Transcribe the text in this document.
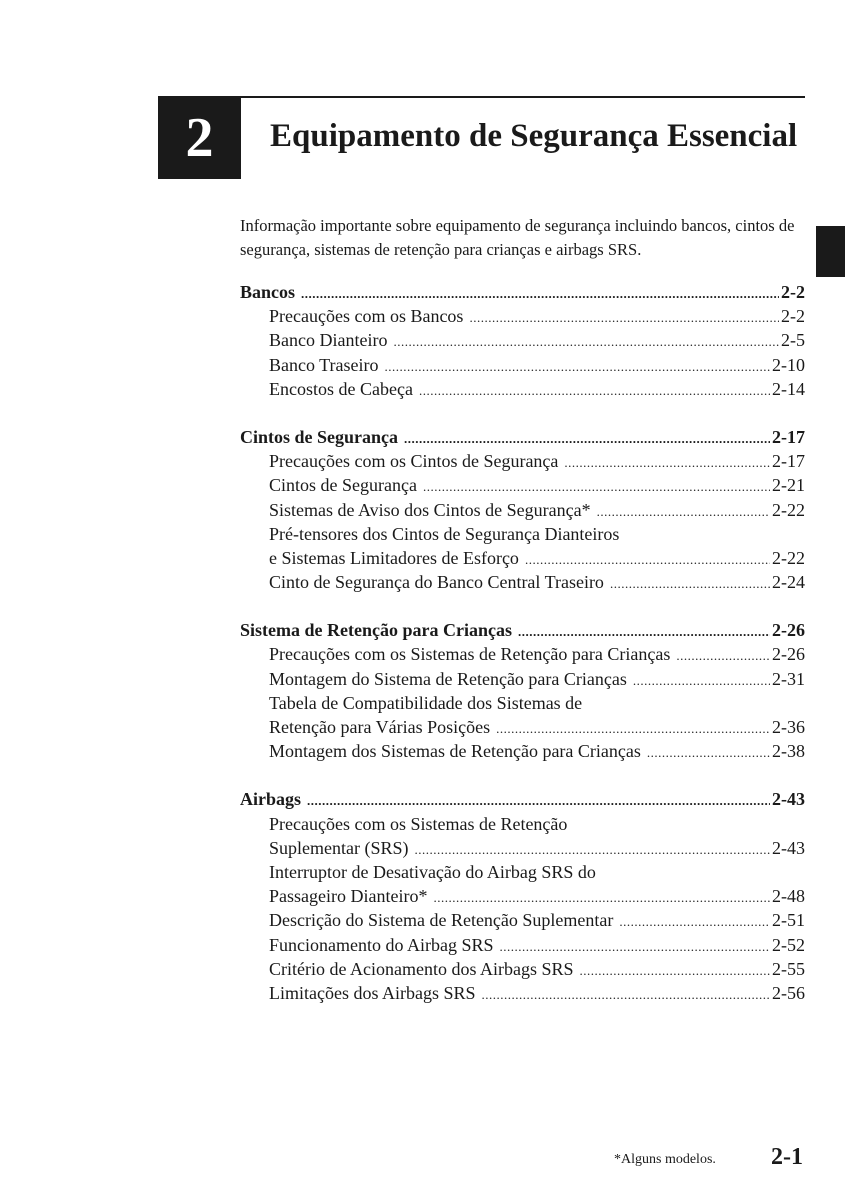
2 Equipamento de Segurança Essencial
Informação importante sobre equipamento de segurança incluindo bancos, cintos de segurança, sistemas de retenção para crianças e airbags SRS.
Bancos .....	2-2
Precauções com os Bancos .....	2-2
Banco Dianteiro .....	2-5
Banco Traseiro .....	2-10
Encostos de Cabeça .....	2-14
Cintos de Segurança .....	2-17
Precauções com os Cintos de Segurança .....	2-17
Cintos de Segurança .....	2-21
Sistemas de Aviso dos Cintos de Segurança* .....	2-22
Pré-tensores dos Cintos de Segurança Dianteiros
e Sistemas Limitadores de Esforço .....	2-22
Cinto de Segurança do Banco Central Traseiro .....	2-24
Sistema de Retenção para Crianças .....	2-26
Precauções com os Sistemas de Retenção para Crianças .....	2-26
Montagem do Sistema de Retenção para Crianças .....	2-31
Tabela de Compatibilidade dos Sistemas de
Retenção para Várias Posições .....	2-36
Montagem dos Sistemas de Retenção para Crianças .....	2-38
Airbags .....	2-43
Precauções com os Sistemas de Retenção
Suplementar (SRS) .....	2-43
Interruptor de Desativação do Airbag SRS do
Passageiro Dianteiro* .....	2-48
Descrição do Sistema de Retenção Suplementar .....	2-51
Funcionamento do Airbag SRS .....	2-52
Critério de Acionamento dos Airbags SRS .....	2-55
Limitações dos Airbags SRS .....	2-56
*Alguns modelos. 2-1
